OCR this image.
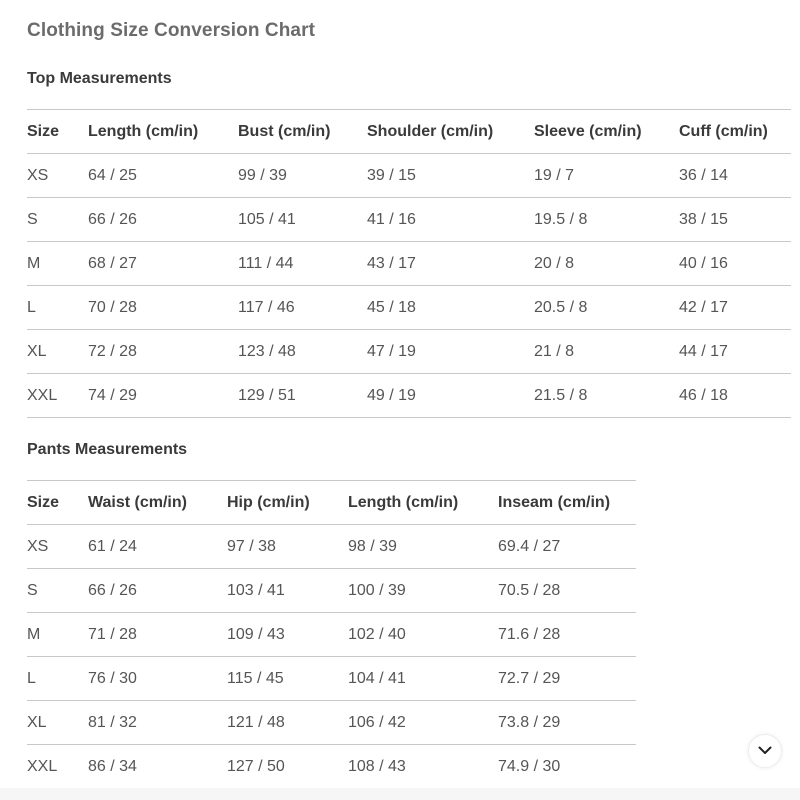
Clothing Size Conversion Chart
Top Measurements
Size	Length (cm/in)	Bust (cm/in)	Shoulder (cm/in)	Sleeve (cm/in)	Cuff (cm/in)
XS	64 / 25	99 / 39	39 / 15	19 / 7	36 / 14
S	66 / 26	105 / 41	41 / 16	19.5 / 8	38 / 15
M	68 / 27	111 / 44	43 / 17	20 / 8	40 / 16
L	70 / 28	117 / 46	45 / 18	20.5 / 8	42 / 17
XL	72 / 28	123 / 48	47 / 19	21 / 8	44 / 17
XXL	74 / 29	129 / 51	49 / 19	21.5 / 8	46 / 18
Pants Measurements
Size	Waist (cm/in)	Hip (cm/in)	Length (cm/in)	Inseam (cm/in)
XS	61 / 24	97 / 38	98 / 39	69.4 / 27
S	66 / 26	103 / 41	100 / 39	70.5 / 28
M	71 / 28	109 / 43	102 / 40	71.6 / 28
L	76 / 30	115 / 45	104 / 41	72.7 / 29
XL	81 / 32	121 / 48	106 / 42	73.8 / 29
XXL	86 / 34	127 / 50	108 / 43	74.9 / 30
